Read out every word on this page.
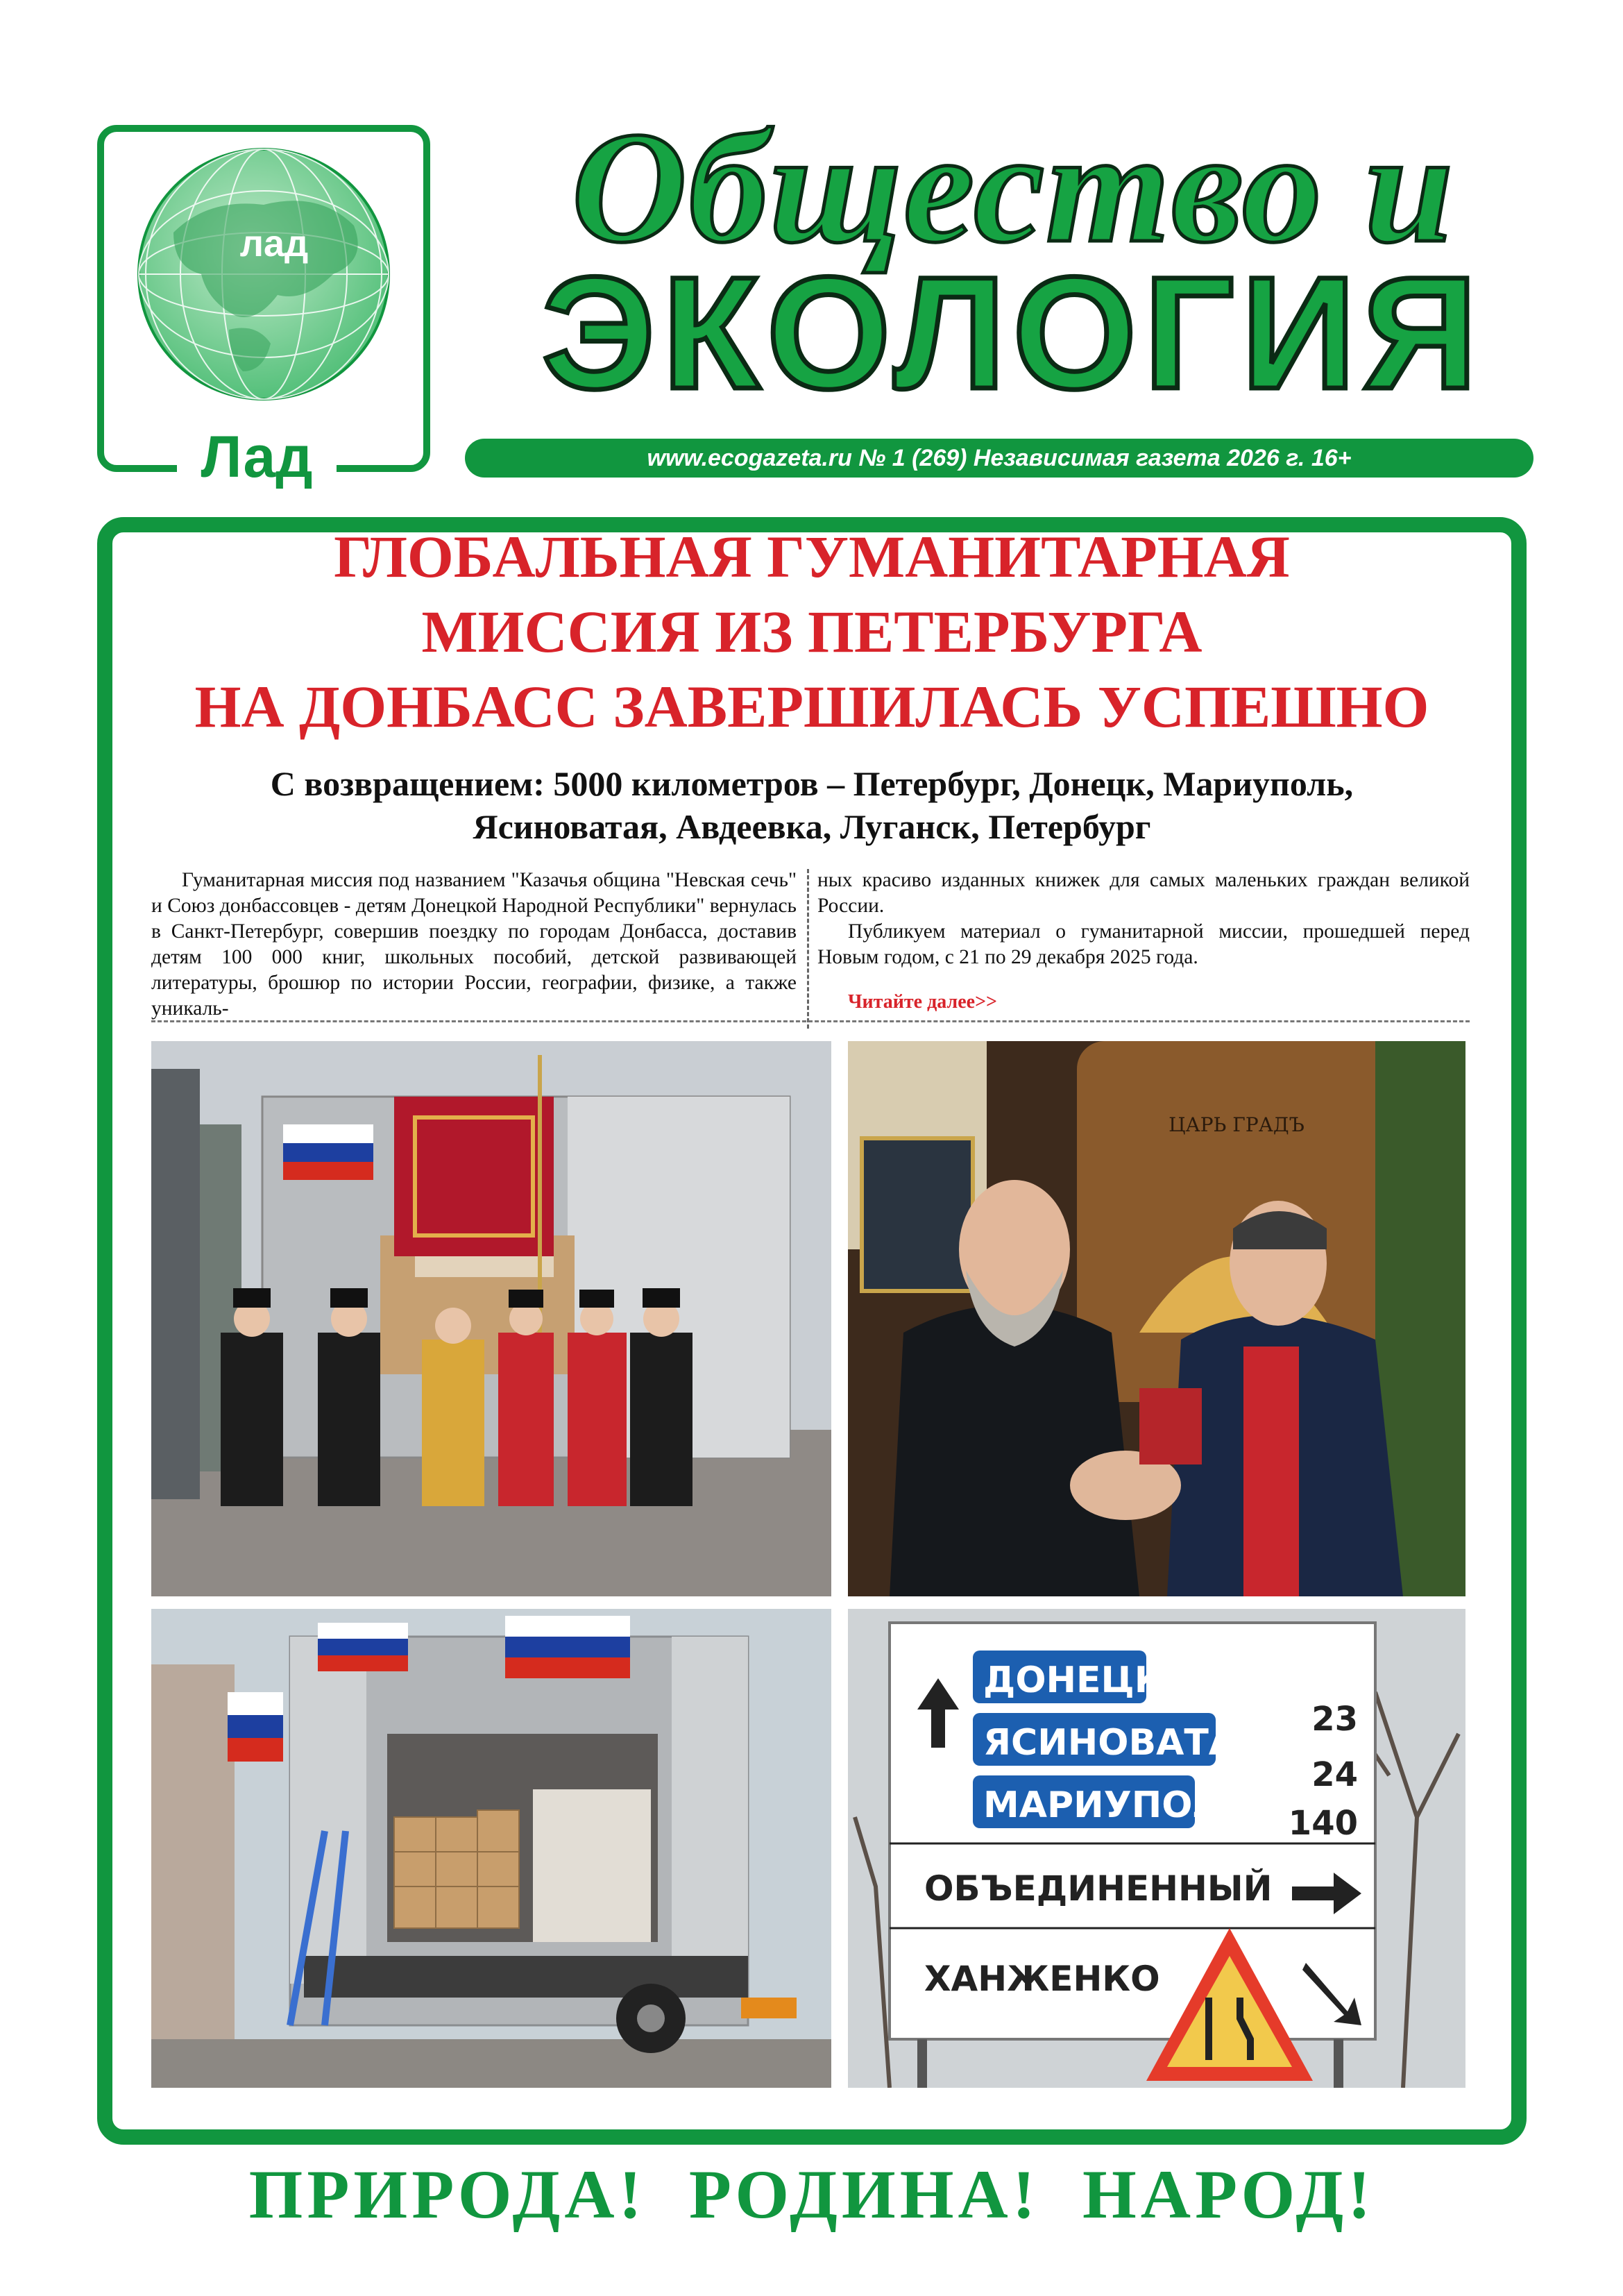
лад
Лад
Общество и
ЭКОЛОГИЯ
www.ecogazeta.ru № 1 (269) Независимая газета 2026 г. 16+
ГЛОБАЛЬНАЯ ГУМАНИТАРНАЯ
МИССИЯ ИЗ ПЕТЕРБУРГА
НА ДОНБАСС ЗАВЕРШИЛАСЬ УСПЕШНО
С возвращением: 5000 километров – Петербург, Донецк, Мариуполь,
Ясиноватая, Авдеевка, Луганск, Петербург

Гуманитарная миссия под названием "Казачья община "Невская сечь" и Союз донбассовцев - детям Донецкой Народной Республики" вернулась в Санкт-Петербург, совершив поездку по городам Донбасса, доставив детям 100 000 книг, школьных пособий, детской развивающей литературы, брошюр по истории России, географии, физике, а также уникаль-

ных красиво изданных книжек для самых маленьких граждан великой России.

Публикуем материал о гуманитарной миссии, прошедшей перед Новым годом, с 21 по 29 декабря 2025 года.

Читайте далее>>
ЦАРЬ ГРАДЪ
ДОНЕЦК
ЯСИНОВАТАЯ
МАРИУПОЛЬ
23
24
140
ОБЪЕДИНЕННЫЙ
ХАНЖЕНКО
ПРИРОДА!  РОДИНА!  НАРОД!
